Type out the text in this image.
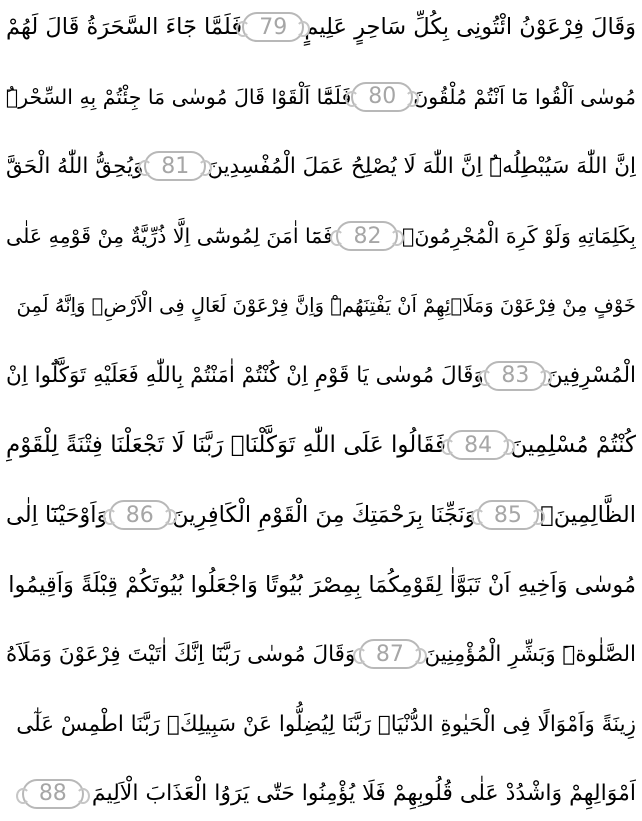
وَقَالَ فِرْعَوْنُ ائْتُونِى بِكُلِّ سَاحِرٍ عَلِيمٍ
79
فَلَمَّا جَٓاءَ السَّحَرَةُ قَالَ لَهُمْ
مُوسٰى اَلْقُوا مَٓا اَنْتُمْ مُلْقُونَ
80
فَلَمَّٓا اَلْقَوْا قَالَ مُوسٰى مَا جِئْتُمْ بِهِ السِّحْرُۜ
اِنَّ اللّٰهَ سَيُبْطِلُهُۜ اِنَّ اللّٰهَ لَا يُصْلِحُ عَمَلَ الْمُفْسِدِينَ
81
وَيُحِقُّ اللّٰهُ الْحَقَّ
بِكَلِمَاتِهِ وَلَوْ كَرِهَ الْمُجْرِمُونَ۟
82
فَمَٓا اٰمَنَ لِمُوسٰٓى اِلَّا ذُرِّيَّةٌ مِنْ قَوْمِهِ عَلٰى
خَوْفٍ مِنْ فِرْعَوْنَ وَمَلَا۬ئِهِمْ اَنْ يَفْتِنَهُمْۜ وَاِنَّ فِرْعَوْنَ لَعَالٍ فِى الْاَرْضِۚ وَاِنَّهُ لَمِنَ
الْمُسْرِفِينَ
83
وَقَالَ مُوسٰى يَا قَوْمِ اِنْ كُنْتُمْ اٰمَنْتُمْ بِاللّٰهِ فَعَلَيْهِ تَوَكَّلُٓوا اِنْ
كُنْتُمْ مُسْلِمِينَ
84
فَقَالُوا عَلَى اللّٰهِ تَوَكَّلْنَاۚ رَبَّنَا لَا تَجْعَلْنَا فِتْنَةً لِلْقَوْمِ
الظَّالِمِينَۙ
85
وَنَجِّنَا بِرَحْمَتِكَ مِنَ الْقَوْمِ الْكَافِرِينَ
86
وَاَوْحَيْنَٓا اِلٰى
مُوسٰى وَاَخِيهِ اَنْ تَبَوَّاٰ لِقَوْمِكُمَا بِمِصْرَ بُيُوتًا وَاجْعَلُوا بُيُوتَكُمْ قِبْلَةً وَاَقِيمُوا
الصَّلٰوةَۜ وَبَشِّرِ الْمُؤْمِنِينَ
87
وَقَالَ مُوسٰى رَبَّنَٓا اِنَّكَ اٰتَيْتَ فِرْعَوْنَ وَمَلَاَهُ
زِينَةً وَاَمْوَالًا فِى الْحَيٰوةِ الدُّنْيَاۙ رَبَّنَا لِيُضِلُّوا عَنْ سَبِيلِكَۚ رَبَّنَا اطْمِسْ عَلٰٓى
اَمْوَالِهِمْ وَاشْدُدْ عَلٰى قُلُوبِهِمْ فَلَا يُؤْمِنُوا حَتّٰى يَرَوُا الْعَذَابَ الْاَلِيمَ
88
